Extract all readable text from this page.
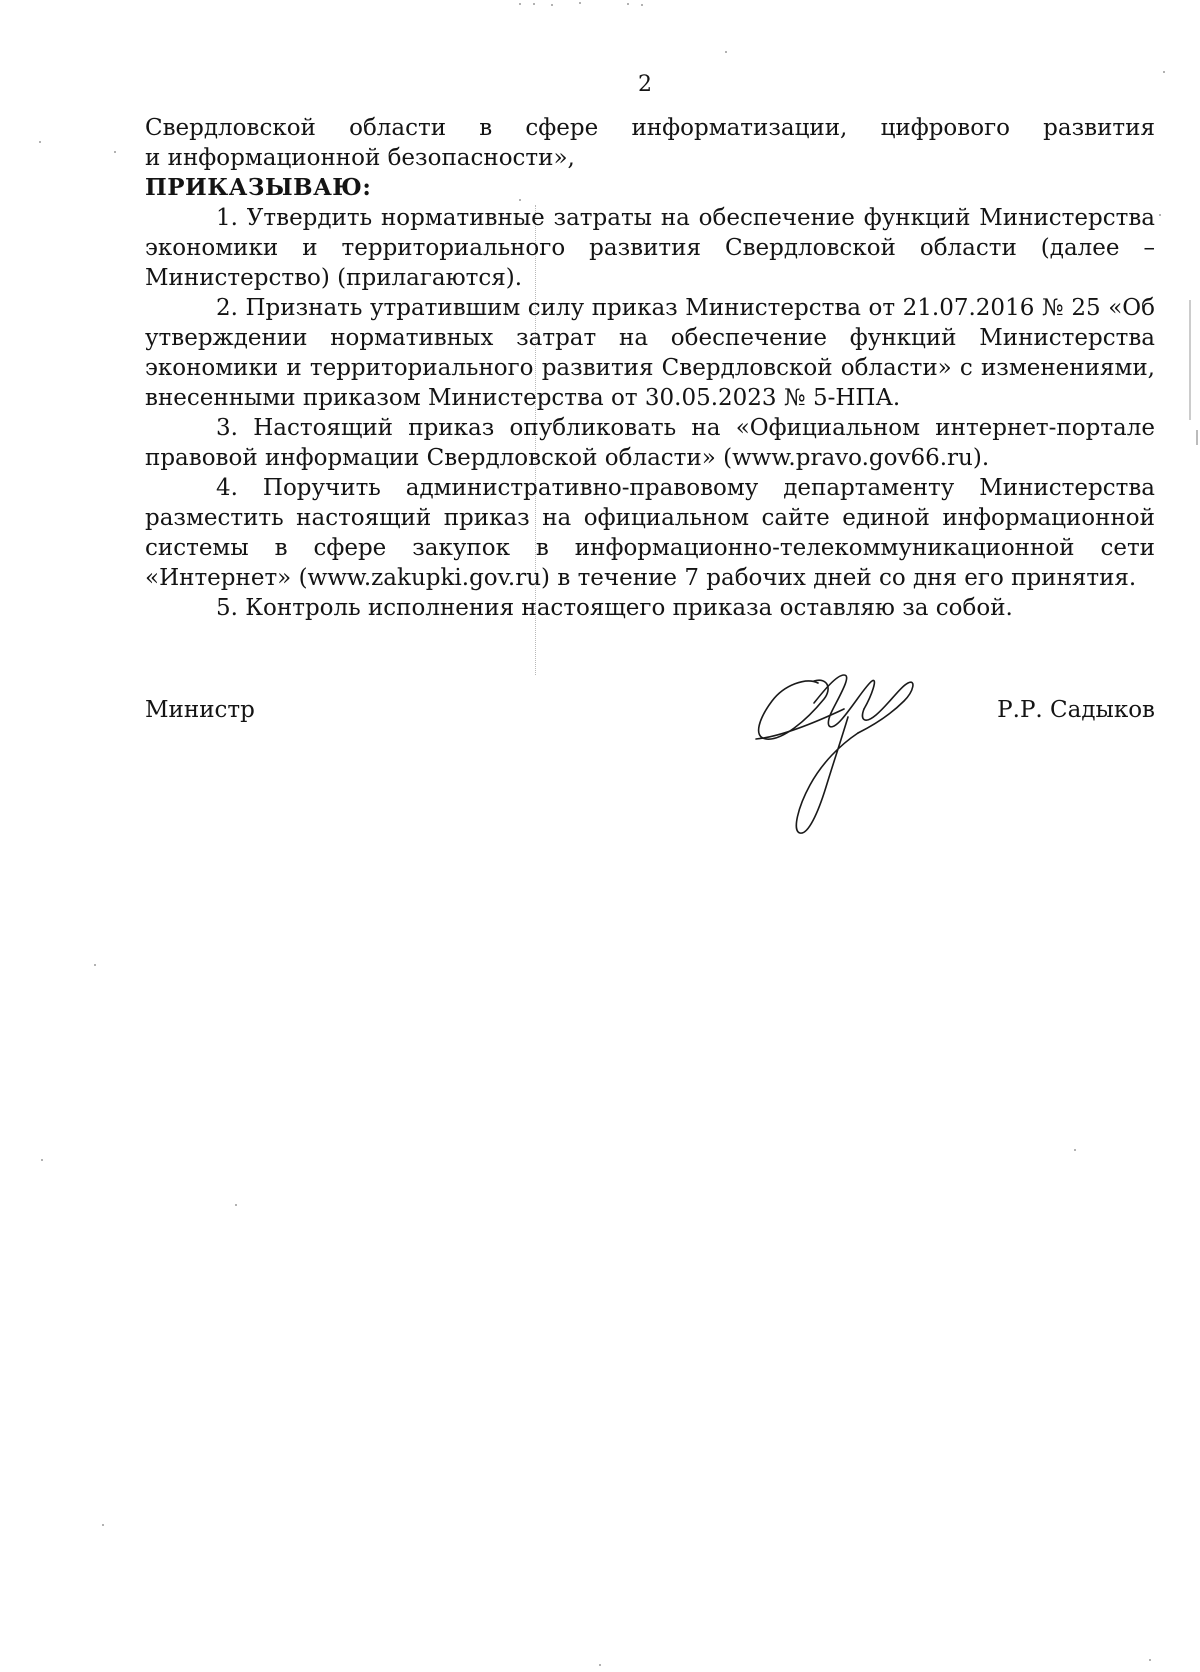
2

Свердловской области в сфере информатизации, цифрового развития

и информационной безопасности»,

ПРИКАЗЫВАЮ:

1. Утвердить нормативные затраты на обеспечение функций Министерства экономики и территориального развития Свердловской области (далее – Министерство) (прилагаются).

2. Признать утратившим силу приказ Министерства от 21.07.2016 № 25 «Об утверждении нормативных затрат на обеспечение функций Министерства экономики и территориального развития Свердловской области» с изменениями, внесенными приказом Министерства от 30.05.2023 № 5-НПА.

3. Настоящий приказ опубликовать на «Официальном интернет-портале правовой информации Свердловской области» (www.pravo.gov66.ru).

4. Поручить административно-правовому департаменту Министерства разместить настоящий приказ на официальном сайте единой информационной системы в сфере закупок в информационно-телекоммуникационной сети «Интернет» (www.zakupki.gov.ru) в течение 7 рабочих дней со дня его принятия.

5. Контроль исполнения настоящего приказа оставляю за собой.

Министр	Р.Р. Садыков
